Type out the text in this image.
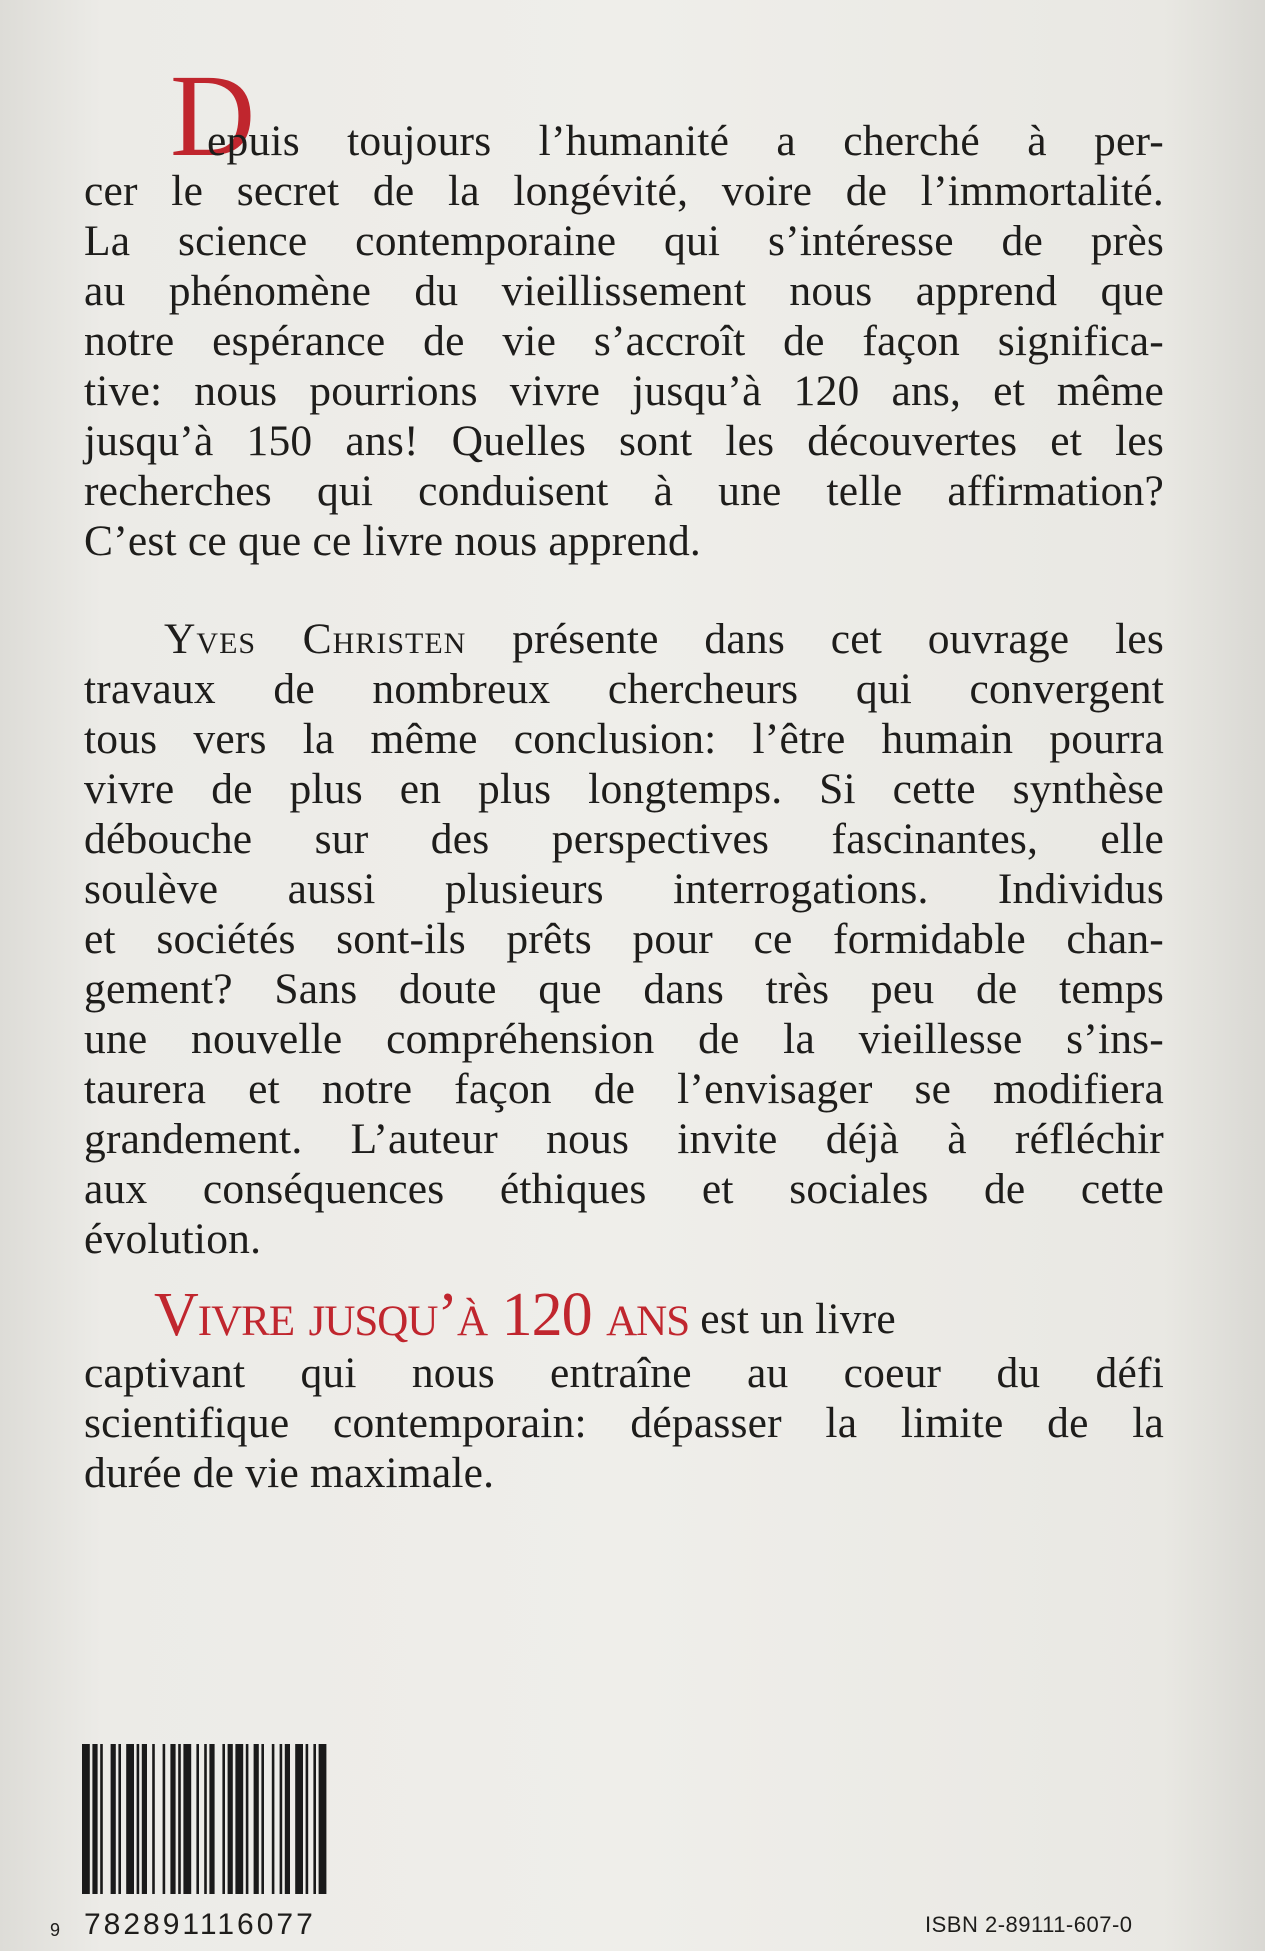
D
epuis toujours l’humanité a cherché à per-
cer le secret de la longévité, voire de l’immortalité.
La science contemporaine qui s’intéresse de près
au phénomène du vieillissement nous apprend que
notre espérance de vie s’accroît de façon significa-
tive: nous pourrions vivre jusqu’à 120 ans, et même
jusqu’à 150 ans! Quelles sont les découvertes et les
recherches qui conduisent à une telle affirmation?
C’est ce que ce livre nous apprend.
Yves Christen présente dans cet ouvrage les
travaux de nombreux chercheurs qui convergent
tous vers la même conclusion: l’être humain pourra
vivre de plus en plus longtemps. Si cette synthèse
débouche sur des perspectives fascinantes, elle
soulève aussi plusieurs interrogations. Individus
et sociétés sont-ils prêts pour ce formidable chan-
gement? Sans doute que dans très peu de temps
une nouvelle compréhension de la vieillesse s’ins-
taurera et notre façon de l’envisager se modifiera
grandement. L’auteur nous invite déjà à réfléchir
aux conséquences éthiques et sociales de cette
évolution.
Vivre jusqu’à 120 ans est un livre
captivant qui nous entraîne au coeur du défi
scientifique contemporain: dépasser la limite de la
durée de vie maximale.
9 782891116077	ISBN 2-89111-607-0
